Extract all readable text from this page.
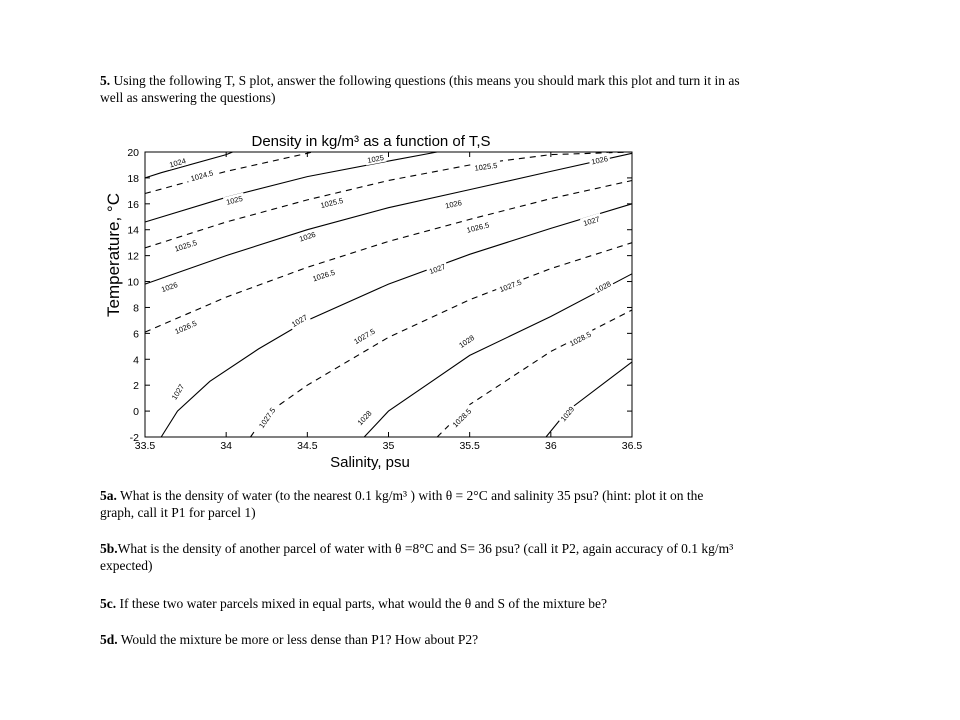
5. Using the following T, S plot, answer the following questions (this means you should mark this plot and turn it in as well as answering the questions)
Density in kg/m³ as a function of T,S
Temperature, °C
Salinity, psu
33.5	34	34.5	35	35.5	36	36.5
-2
0
2
4
6
8
10
12
14
16
18
20
1024
1024.5
1025
1025
1025.5
1025.5
1025.5
1026
1026
1026
1026
1026.5
1026.5
1026.5
1027
1027
1027
1027
1027.5
1027.5
1027.5
1028
1028
1028
1028.5
1028.5
1029
5a. What is the density of water (to the nearest 0.1 kg/m³ ) with θ = 2°C and salinity 35 psu? (hint: plot it on the graph, call it P1 for parcel 1)
5b.What is the density of another parcel of water with θ =8°C and S= 36 psu? (call it P2, again accuracy of 0.1 kg/m³ expected)
5c. If these two water parcels mixed in equal parts, what would the θ and S of the mixture be?
5d. Would the mixture be more or less dense than P1? How about P2?
